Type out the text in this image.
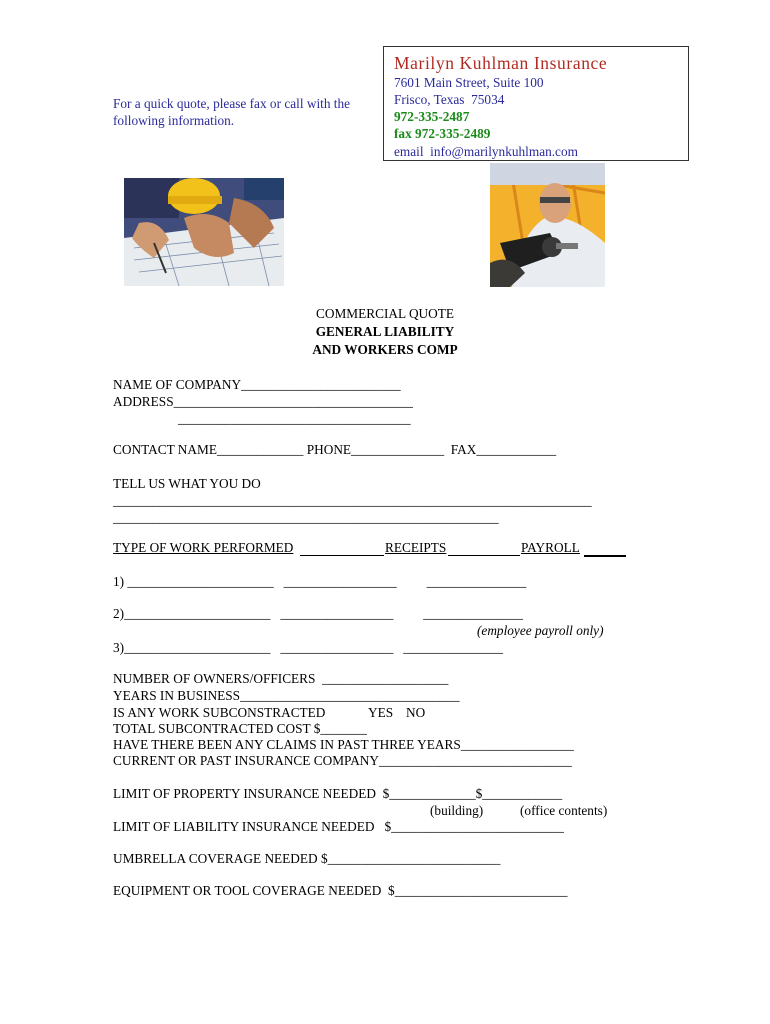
Marilyn Kuhlman Insurance
7601 Main Street, Suite 100
Frisco, Texas  75034
972-335-2487
fax 972-335-2489
email  info@marilynkuhlman.com
For a quick quote, please fax or call with the following information.
COMMERCIAL QUOTE
GENERAL LIABILITY
AND WORKERS COMP
NAME OF COMPANY________________________
ADDRESS____________________________________
___________________________________
CONTACT NAME_____________ PHONE______________  FAX____________
TELL US WHAT YOU DO
________________________________________________________________________
__________________________________________________________
TYPE OF WORK PERFORMED	RECEIPTS	PAYROLL
1) ______________________   _________________         _______________
2)______________________   _________________         _______________
(employee payroll only)
3)______________________   _________________   _______________
NUMBER OF OWNERS/OFFICERS  ___________________
YEARS IN BUSINESS_________________________________
IS ANY WORK SUBCONSTRACTED	YES NO
TOTAL SUBCONTRACTED COST $_______
HAVE THERE BEEN ANY CLAIMS IN PAST THREE YEARS_________________
CURRENT OR PAST INSURANCE COMPANY_____________________________
LIMIT OF PROPERTY INSURANCE NEEDED  $_____________$____________
(building)	(office contents)
LIMIT OF LIABILITY INSURANCE NEEDED   $__________________________
UMBRELLA COVERAGE NEEDED $__________________________
EQUIPMENT OR TOOL COVERAGE NEEDED  $__________________________
